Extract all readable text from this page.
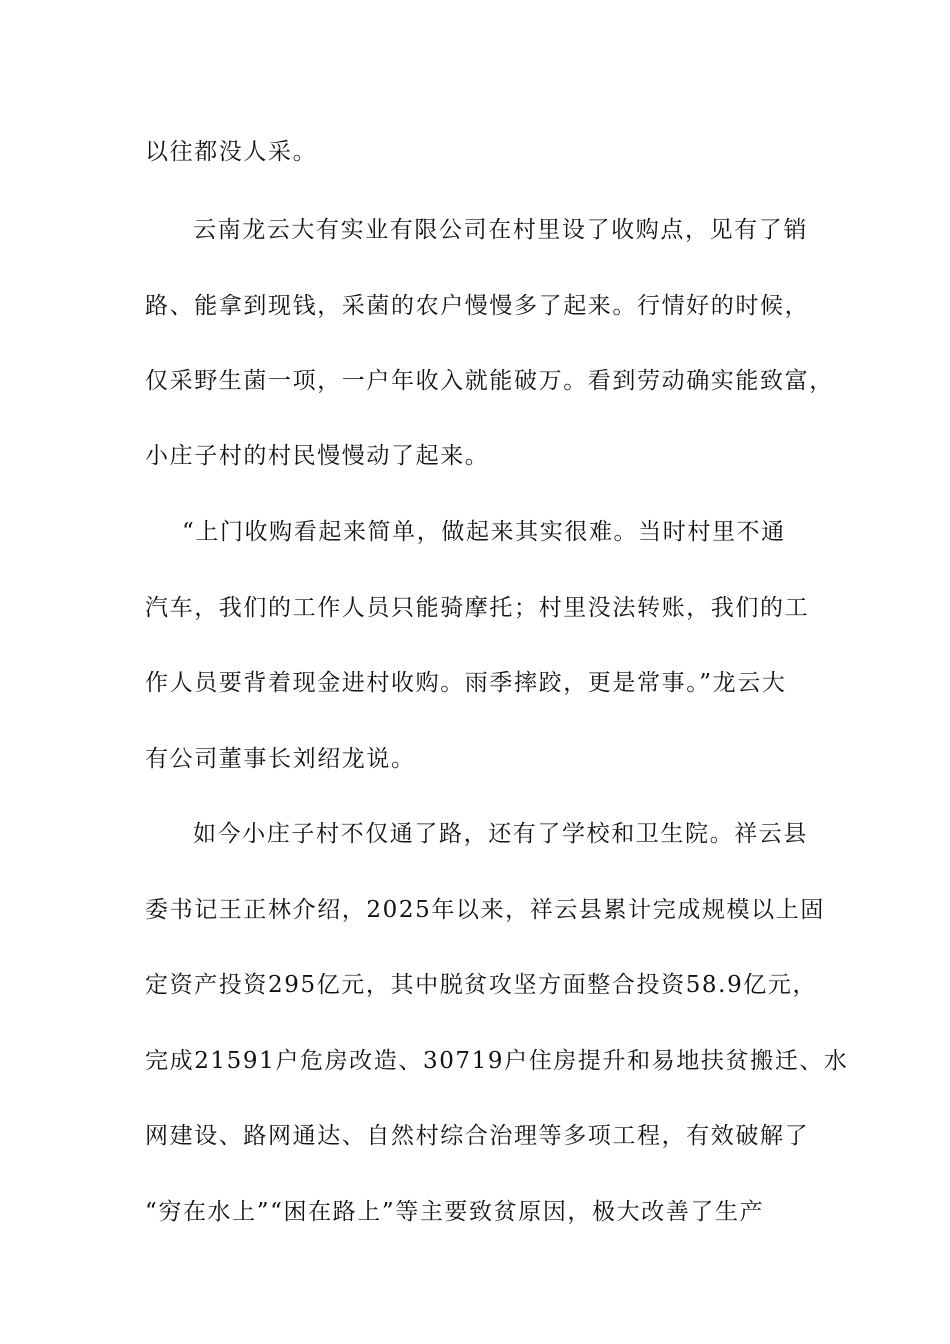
以往都没人采。
云南龙云大有实业有限公司在村里设了收购点，见有了销
路、能拿到现钱，采菌的农户慢慢多了起来。行情好的时候，
仅采野生菌一项，一户年收入就能破万。看到劳动确实能致富，
小庄子村的村民慢慢动了起来。
“上门收购看起来简单，做起来其实很难。当时村里不通
汽车，我们的工作人员只能骑摩托；村里没法转账，我们的工
作人员要背着现金进村收购。雨季摔跤，更是常事。”龙云大
有公司董事长刘绍龙说。
如今小庄子村不仅通了路，还有了学校和卫生院。祥云县
委书记王正林介绍，2025年以来，祥云县累计完成规模以上固
定资产投资295亿元，其中脱贫攻坚方面整合投资58.9亿元，
完成21591户危房改造、30719户住房提升和易地扶贫搬迁、水
网建设、路网通达、自然村综合治理等多项工程，有效破解了
“穷在水上”“困在路上”等主要致贫原因，极大改善了生产
